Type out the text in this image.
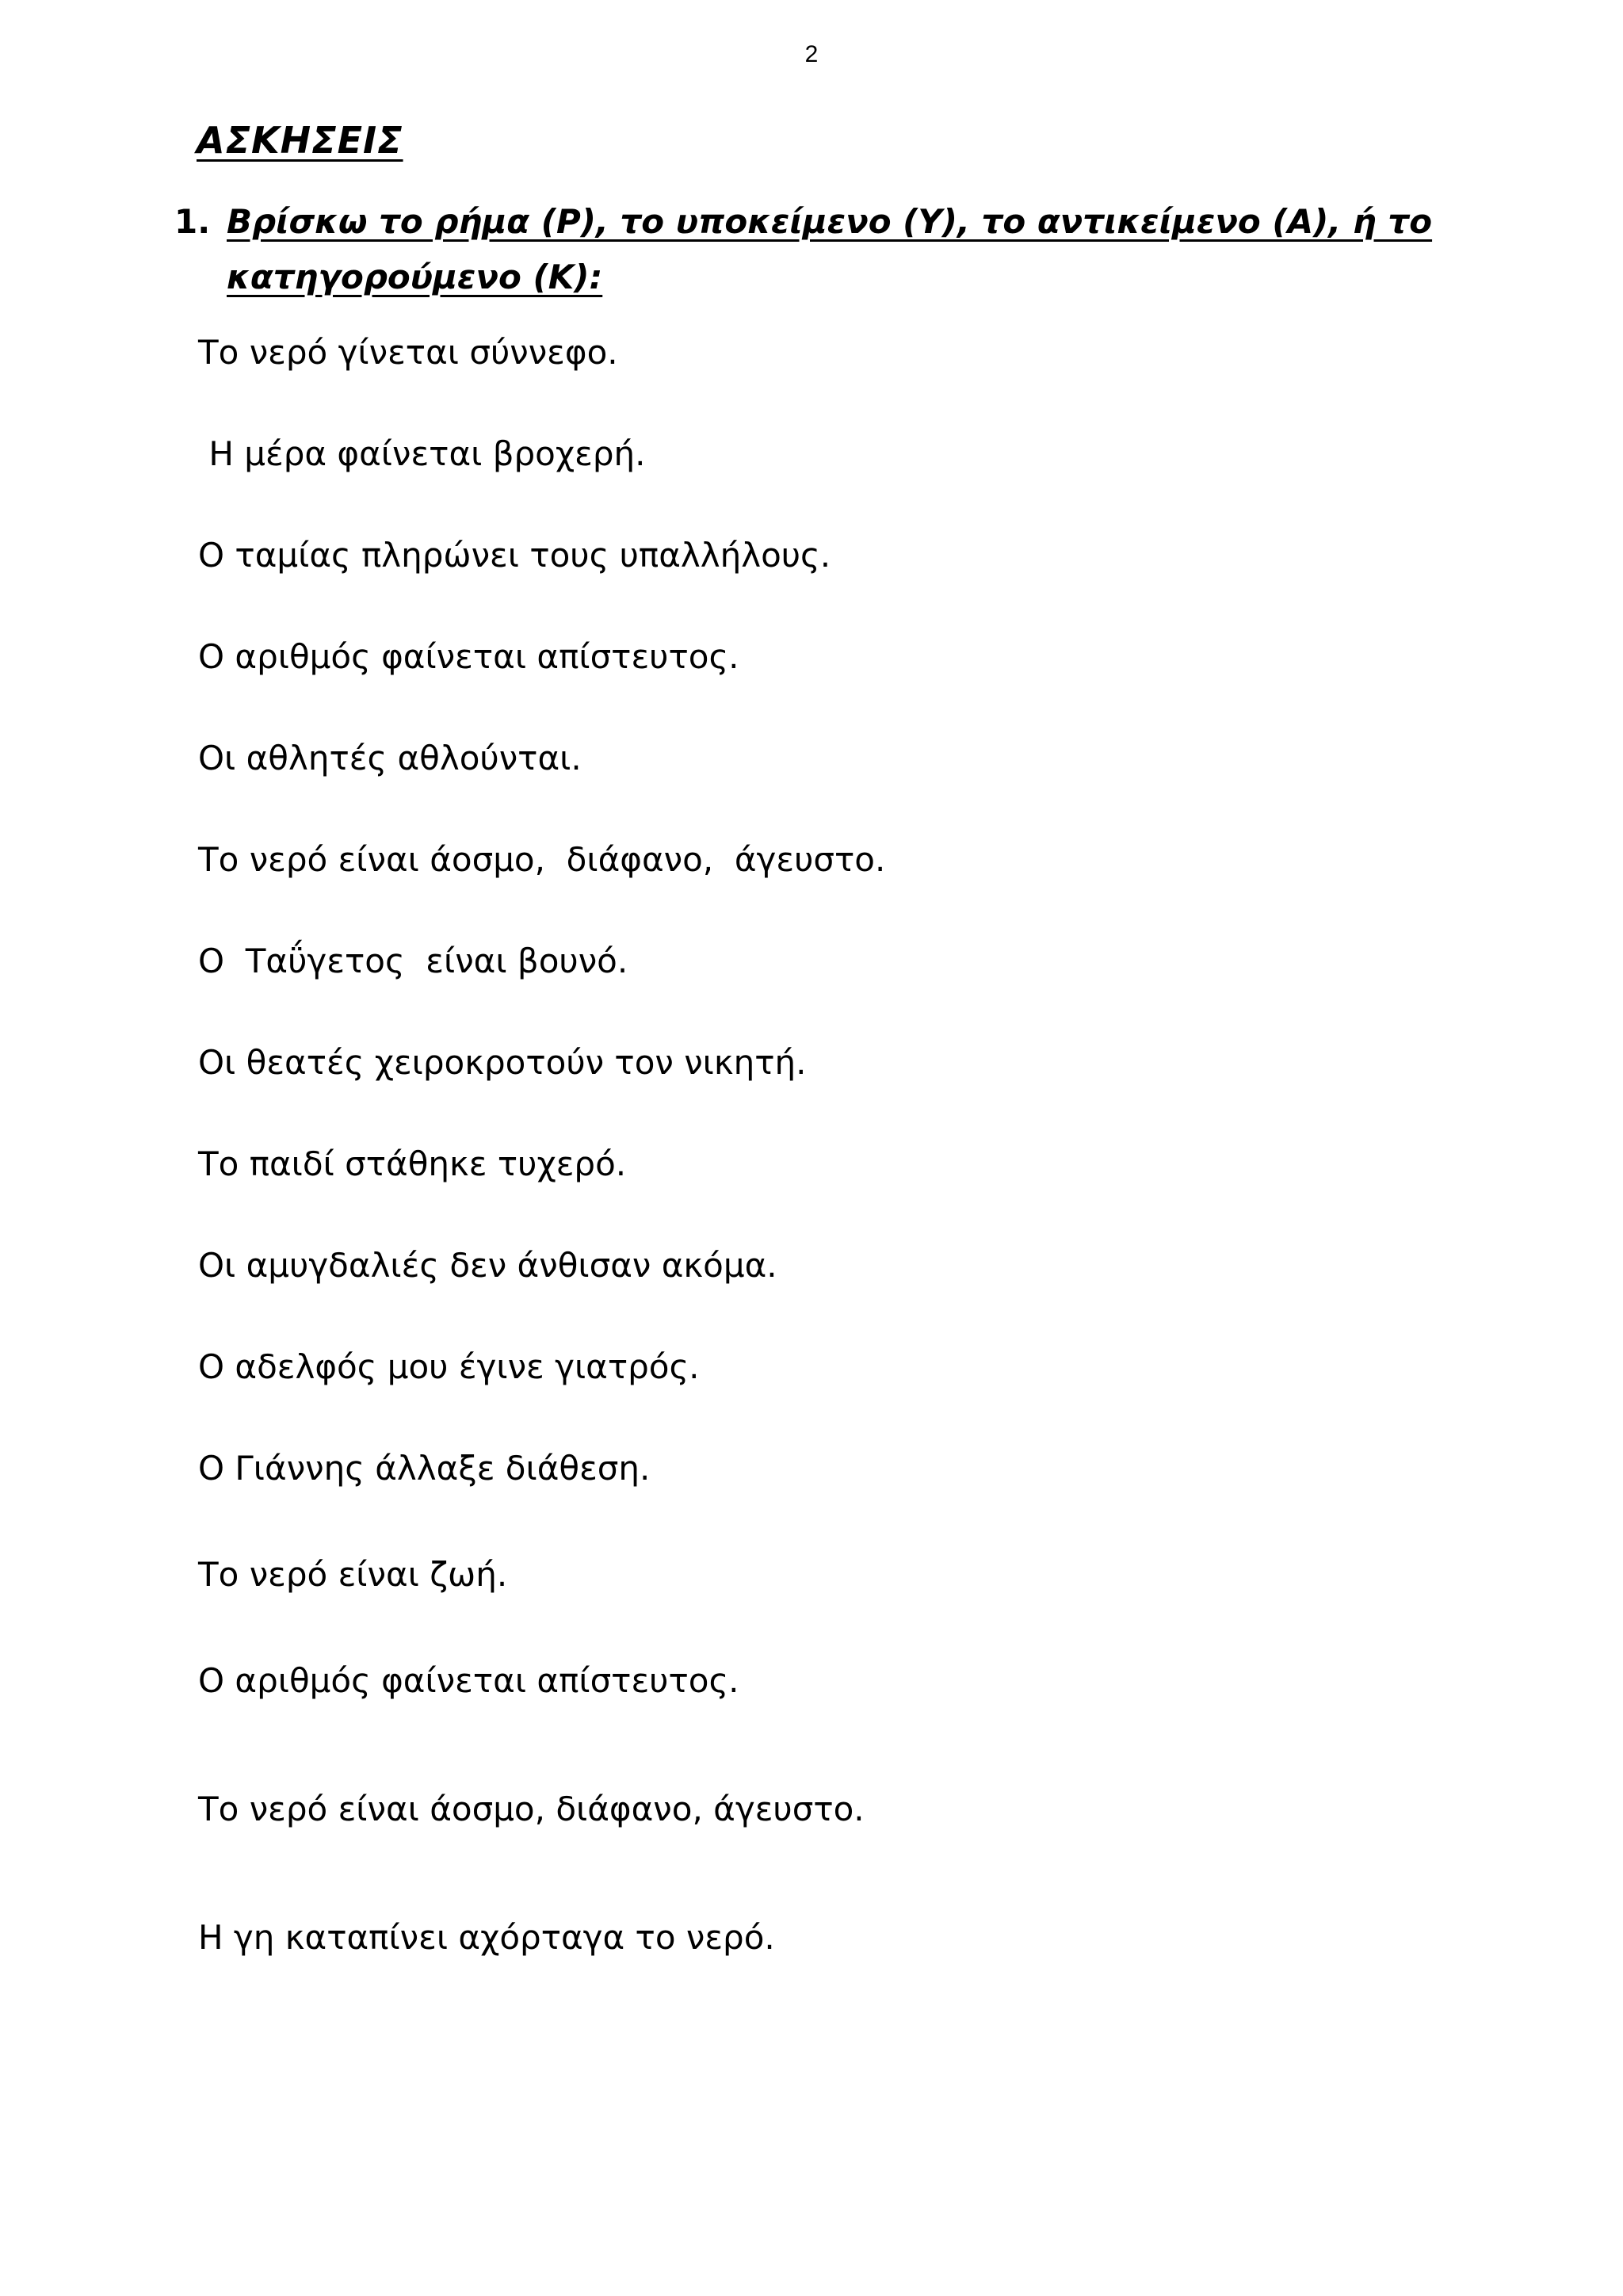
2
ΑΣΚΗΣΕΙΣ
1. Βρίσκω το ρήμα (Ρ), το υποκείμενο (Υ), το αντικείμενο (Α), ή το κατηγορούμενο (Κ):
Το νερό γίνεται σύννεφο.
Η μέρα φαίνεται βροχερή.
Ο ταμίας πληρώνει τους υπαλλήλους.
Ο αριθμός φαίνεται απίστευτος.
Οι αθλητές αθλούνται.
Το νερό είναι άοσμο,  διάφανο,  άγευστο.
Ο  Ταΰγετος  είναι βουνό.
Οι θεατές χειροκροτούν τον νικητή.
Το παιδί στάθηκε τυχερό.
Οι αμυγδαλιές δεν άνθισαν ακόμα.
Ο αδελφός μου έγινε γιατρός.
Ο Γιάννης άλλαξε διάθεση.
Το νερό είναι ζωή.
Ο αριθμός φαίνεται απίστευτος.
Το νερό είναι άοσμο, διάφανο, άγευστο.
Η γη καταπίνει αχόρταγα το νερό.
